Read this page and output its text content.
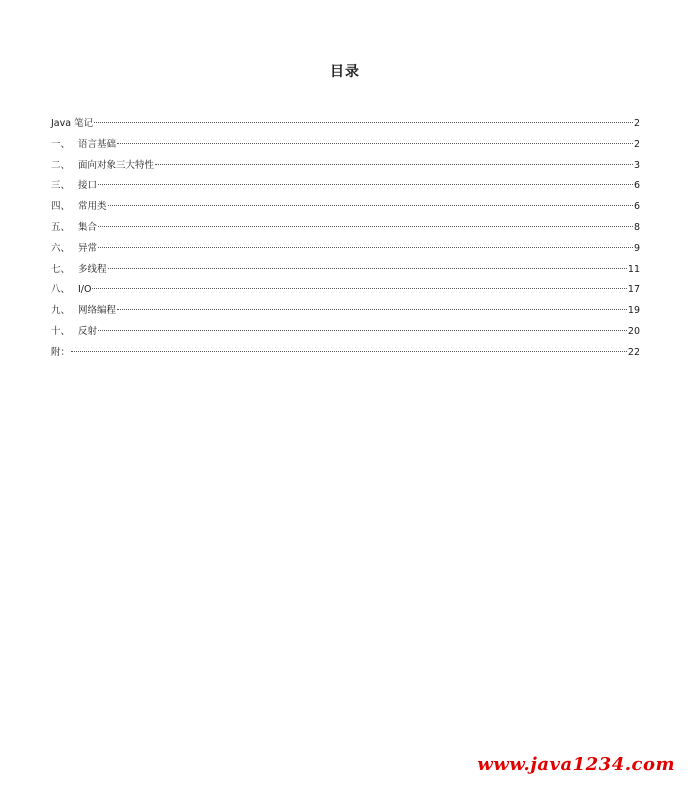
目录
Java 笔记	2
一、 语言基础	2
二、 面向对象三大特性	3
三、 接口	6
四、 常用类	6
五、 集合	8
六、 异常	9
七、 多线程	11
八、 I/O	17
九、 网络编程	19
十、 反射	20
附：	22
www.java1234.com
